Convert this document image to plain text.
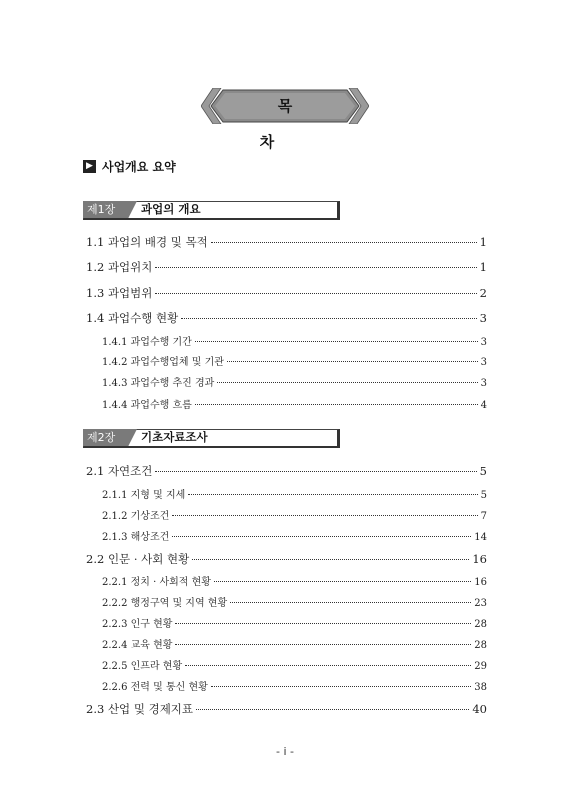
목 차
▶ 사업개요 요약
제1장 과업의 개요
제2장 기초자료조사
1.1 과업의 배경 및 목적	1
1.2 과업위치	1
1.3 과업범위	2
1.4 과업수행 현황	3
1.4.1 과업수행 기간	3
1.4.2 과업수행업체 및 기관	3
1.4.3 과업수행 추진 경과	3
1.4.4 과업수행 흐름	4
2.1 자연조건	5
2.1.1 지형 및 지세	5
2.1.2 기상조건	7
2.1.3 해상조건	14
2.2 인문 · 사회 현황	16
2.2.1 정치 · 사회적 현황	16
2.2.2 행정구역 및 지역 현황	23
2.2.3 인구 현황	28
2.2.4 교육 현황	28
2.2.5 인프라 현황	29
2.2.6 전력 및 통신 현황	38
2.3 산업 및 경제지표	40
- i -
